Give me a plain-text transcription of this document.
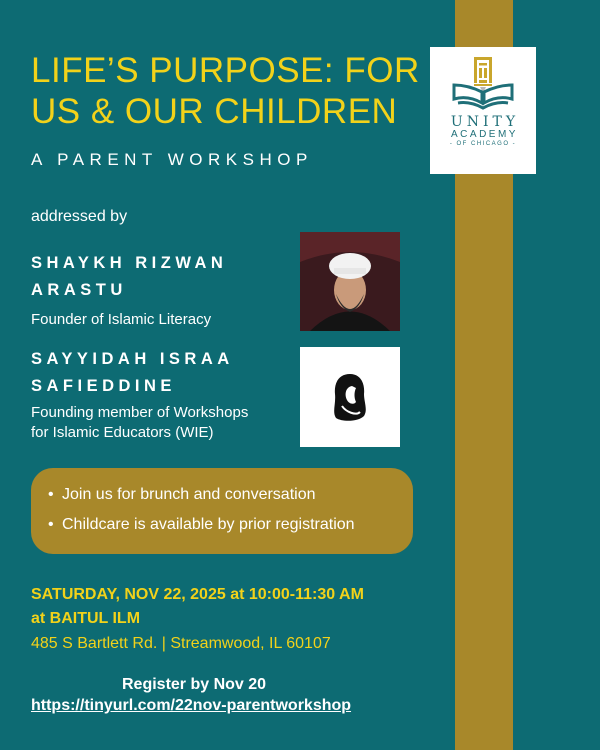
UNITY
ACADEMY
- OF CHICAGO -
LIFE’S PURPOSE: FOR US & OUR CHILDREN
A PARENT WORKSHOP
addressed by
SHAYKH RIZWAN
ARASTU
Founder of Islamic Literacy
SAYYIDAH ISRAA
SAFIEDDINE
Founding member of Workshops
for Islamic Educators (WIE)
• Join us for brunch and conversation
• Childcare is available by prior registration
SATURDAY, NOV 22, 2025 at 10:00-11:30 AM
at BAITUL ILM
485 S Bartlett Rd. | Streamwood, IL 60107
Register by Nov 20
https://tinyurl.com/22nov-parentworkshop
